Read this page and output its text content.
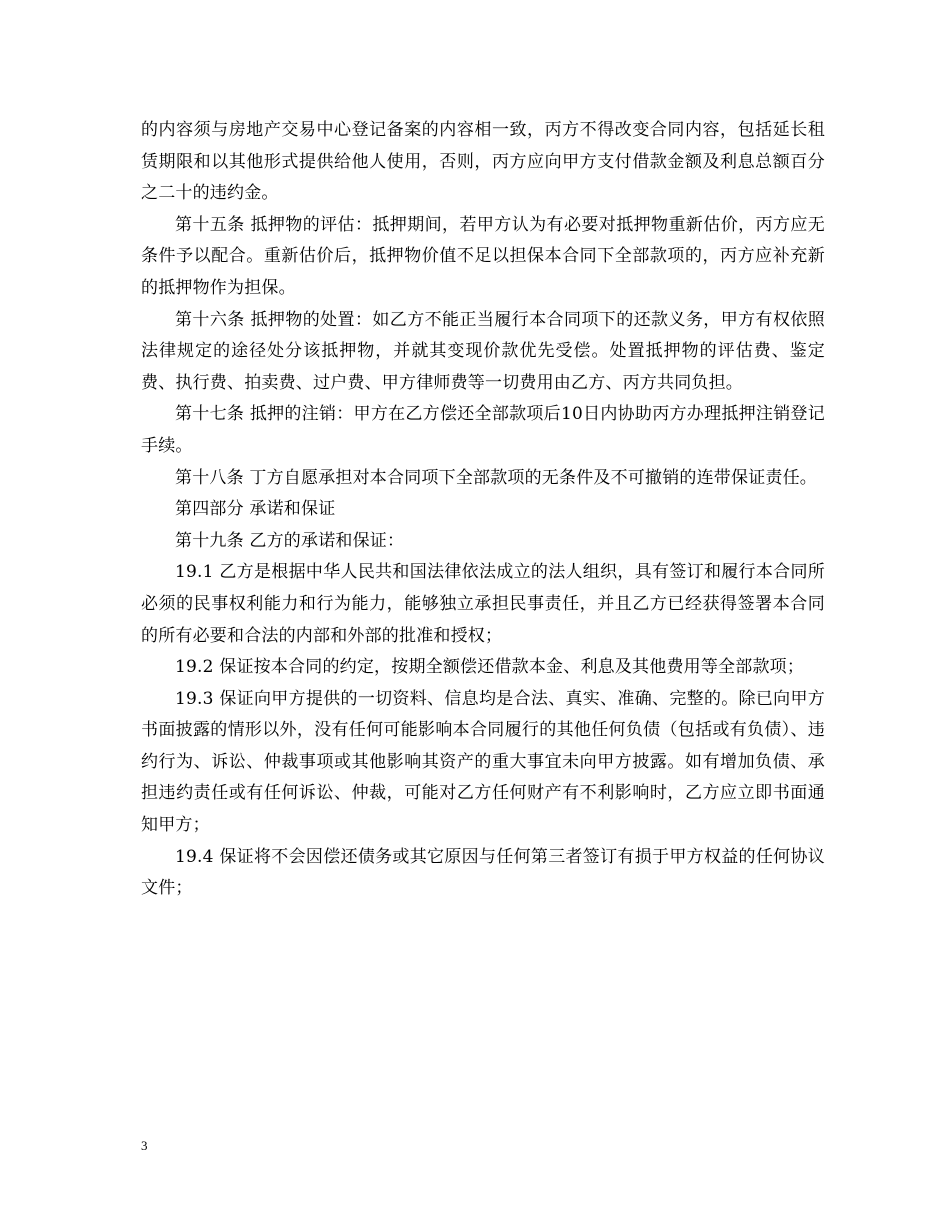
的内容须与房地产交易中心登记备案的内容相一致，丙方不得改变合同内容，包括延长租赁期限和以其他形式提供给他人使用，否则，丙方应向甲方支付借款金额及利息总额百分之二十的违约金。

第十五条 抵押物的评估：抵押期间，若甲方认为有必要对抵押物重新估价，丙方应无条件予以配合。重新估价后，抵押物价值不足以担保本合同下全部款项的，丙方应补充新的抵押物作为担保。

第十六条 抵押物的处置：如乙方不能正当履行本合同项下的还款义务，甲方有权依照法律规定的途径处分该抵押物，并就其变现价款优先受偿。处置抵押物的评估费、鉴定费、执行费、拍卖费、过户费、甲方律师费等一切费用由乙方、丙方共同负担。

第十七条 抵押的注销：甲方在乙方偿还全部款项后10日内协助丙方办理抵押注销登记手续。

第十八条 丁方自愿承担对本合同项下全部款项的无条件及不可撤销的连带保证责任。

第四部分 承诺和保证

第十九条 乙方的承诺和保证：

19.1 乙方是根据中华人民共和国法律依法成立的法人组织，具有签订和履行本合同所必须的民事权利能力和行为能力，能够独立承担民事责任，并且乙方已经获得签署本合同的所有必要和合法的内部和外部的批准和授权；

19.2 保证按本合同的约定，按期全额偿还借款本金、利息及其他费用等全部款项；

19.3 保证向甲方提供的一切资料、信息均是合法、真实、准确、完整的。除已向甲方书面披露的情形以外，没有任何可能影响本合同履行的其他任何负债（包括或有负债）、违约行为、诉讼、仲裁事项或其他影响其资产的重大事宜未向甲方披露。如有增加负债、承担违约责任或有任何诉讼、仲裁，可能对乙方任何财产有不利影响时，乙方应立即书面通知甲方；

19.4 保证将不会因偿还债务或其它原因与任何第三者签订有损于甲方权益的任何协议文件；

3
